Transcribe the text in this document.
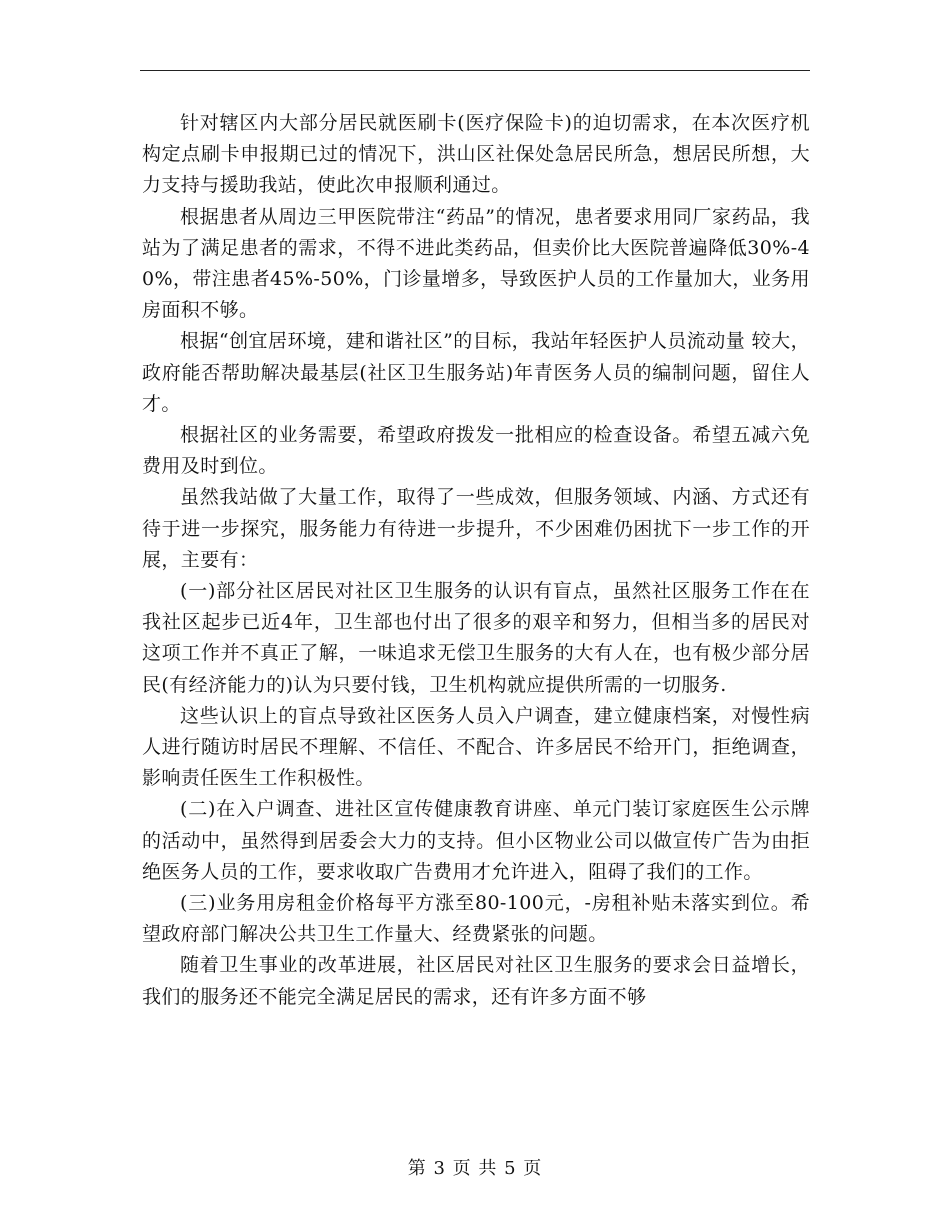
针对辖区内大部分居民就医刷卡(医疗保险卡)的迫切需求，在本次医疗机构定点刷卡申报期已过的情况下，洪山区社保处急居民所急，想居民所想，大力支持与援助我站，使此次申报顺利通过。

根据患者从周边三甲医院带注“药品”的情况，患者要求用同厂家药品，我站为了满足患者的需求，不得不进此类药品，但卖价比大医院普遍降低30%-40%，带注患者45%-50%，门诊量增多，导致医护人员的工作量加大，业务用房面积不够。

根据“创宜居环境，建和谐社区”的目标，我站年轻医护人员流动量 较大，政府能否帮助解决最基层(社区卫生服务站)年青医务人员的编制问题，留住人才。

根据社区的业务需要，希望政府拨发一批相应的检查设备。希望五减六免费用及时到位。

虽然我站做了大量工作，取得了一些成效，但服务领域、内涵、方式还有待于进一步探究，服务能力有待进一步提升，不少困难仍困扰下一步工作的开展，主要有：

(一)部分社区居民对社区卫生服务的认识有盲点，虽然社区服务工作在在我社区起步已近4年，卫生部也付出了很多的艰辛和努力，但相当多的居民对这项工作并不真正了解，一味追求无偿卫生服务的大有人在，也有极少部分居民(有经济能力的)认为只要付钱，卫生机构就应提供所需的一切服务.

这些认识上的盲点导致社区医务人员入户调查，建立健康档案，对慢性病人进行随访时居民不理解、不信任、不配合、许多居民不给开门，拒绝调查，影响责任医生工作积极性。

(二)在入户调查、进社区宣传健康教育讲座、单元门装订家庭医生公示牌的活动中，虽然得到居委会大力的支持。但小区物业公司以做宣传广告为由拒绝医务人员的工作，要求收取广告费用才允许进入，阻碍了我们的工作。

(三)业务用房租金价格每平方涨至80-100元，-房租补贴未落实到位。希望政府部门解决公共卫生工作量大、经费紧张的问题。

随着卫生事业的改革进展，社区居民对社区卫生服务的要求会日益增长，我们的服务还不能完全满足居民的需求，还有许多方面不够

第 3 页 共 5 页
